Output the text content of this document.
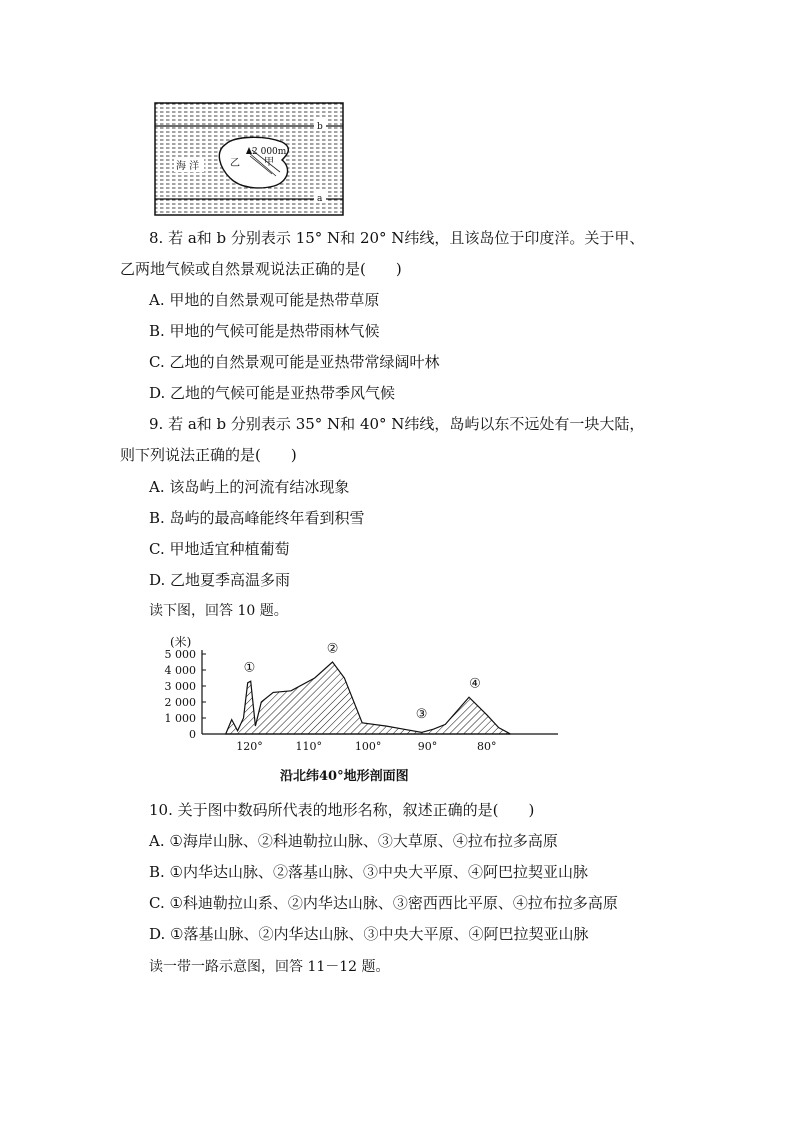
2 000m
甲
乙
海 洋
b
a
8. 若 a和 b 分别表示 15° N和 20° N纬线，且该岛位于印度洋。关于甲、
乙两地气候或自然景观说法正确的是(　　)
A. 甲地的自然景观可能是热带草原
B. 甲地的气候可能是热带雨林气候
C. 乙地的自然景观可能是亚热带常绿阔叶林
D. 乙地的气候可能是亚热带季风气候
9. 若 a和 b 分别表示 35° N和 40° N纬线，岛屿以东不远处有一块大陆，
则下列说法正确的是(　　)
A. 该岛屿上的河流有结冰现象
B. 岛屿的最高峰能终年看到积雪
C. 甲地适宜种植葡萄
D. 乙地夏季高温多雨
读下图，回答 10 题。
(米)
5 000
4 000
3 000
2 000
1 000
0
120°	110°	100°	90°	80°
①
②
③
④
沿北纬40°地形剖面图
10. 关于图中数码所代表的地形名称，叙述正确的是(　　)
A. ①海岸山脉、②科迪勒拉山脉、③大草原、④拉布拉多高原
B. ①内华达山脉、②落基山脉、③中央大平原、④阿巴拉契亚山脉
C. ①科迪勒拉山系、②内华达山脉、③密西西比平原、④拉布拉多高原
D. ①落基山脉、②内华达山脉、③中央大平原、④阿巴拉契亚山脉
读一带一路示意图，回答 11－12 题。
